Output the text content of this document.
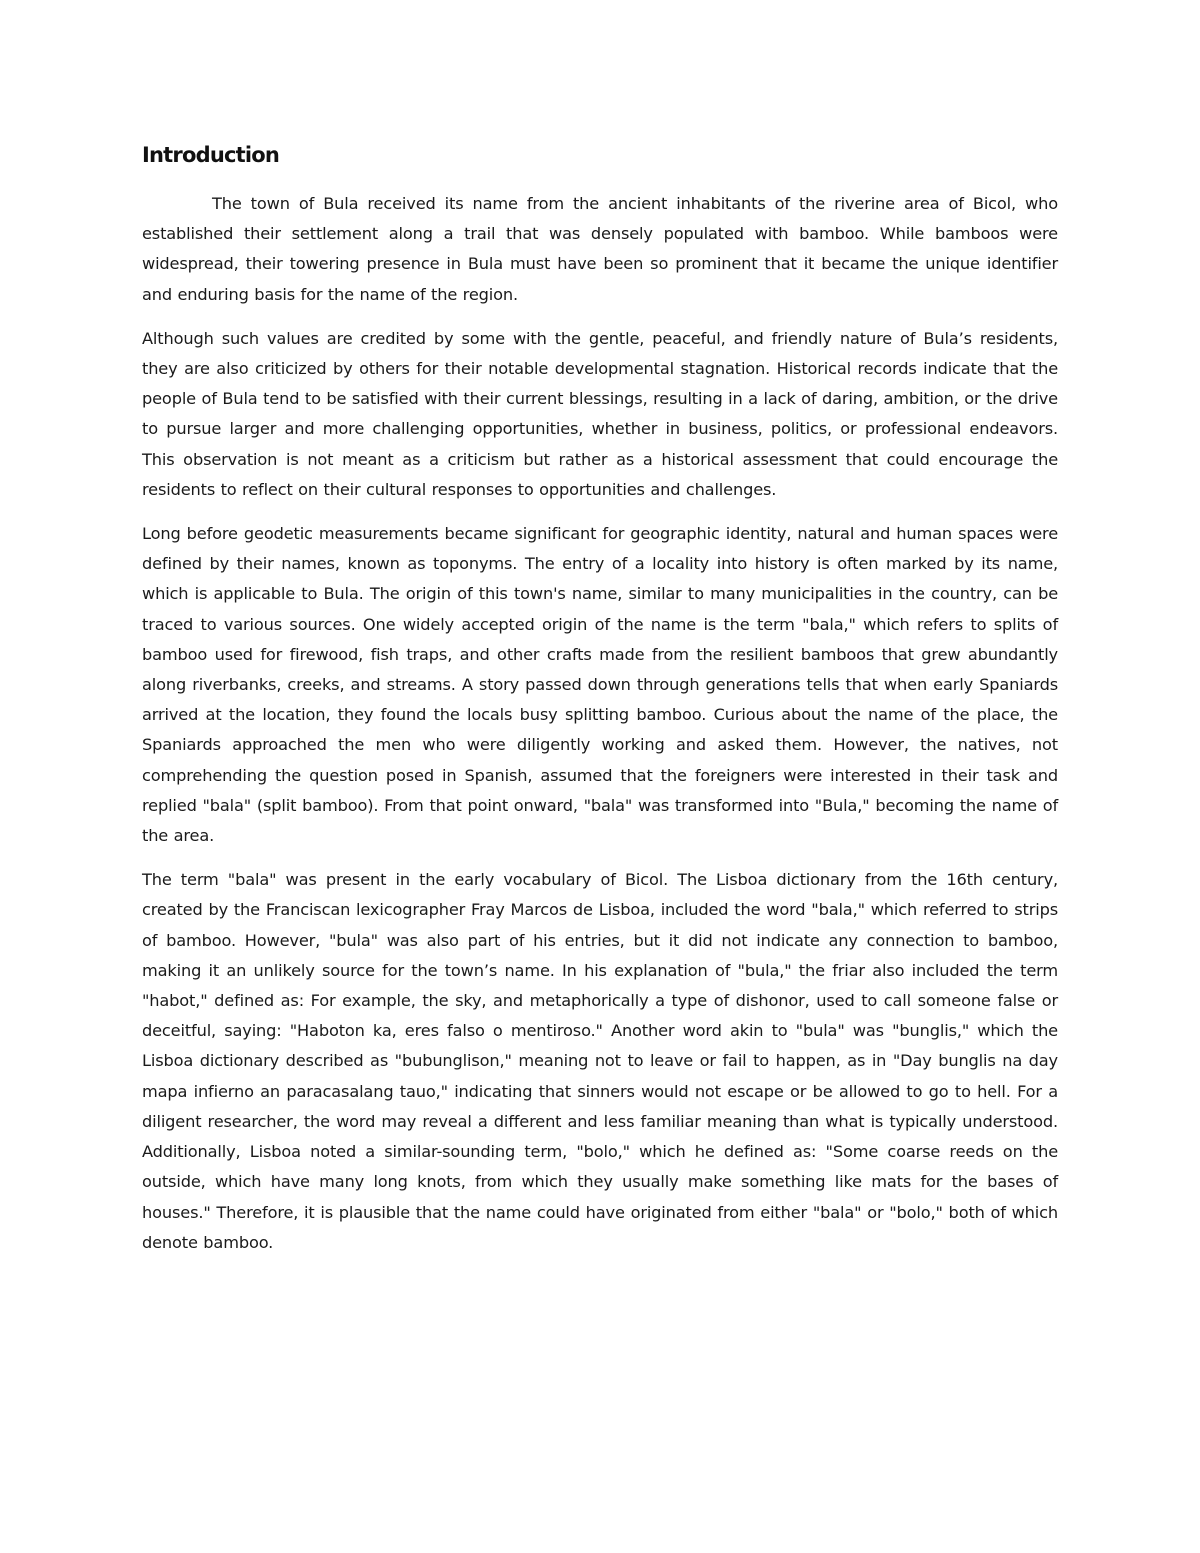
Introduction

The town of Bula received its name from the ancient inhabitants of the riverine area of Bicol, who established their settlement along a trail that was densely populated with bamboo. While bamboos were widespread, their towering presence in Bula must have been so prominent that it became the unique identifier and enduring basis for the name of the region.

Although such values are credited by some with the gentle, peaceful, and friendly nature of Bula’s residents, they are also criticized by others for their notable developmental stagnation. Historical records indicate that the people of Bula tend to be satisfied with their current blessings, resulting in a lack of daring, ambition, or the drive to pursue larger and more challenging opportunities, whether in business, politics, or professional endeavors. This observation is not meant as a criticism but rather as a historical assessment that could encourage the residents to reflect on their cultural responses to opportunities and challenges.

Long before geodetic measurements became significant for geographic identity, natural and human spaces were defined by their names, known as toponyms. The entry of a locality into history is often marked by its name, which is applicable to Bula. The origin of this town's name, similar to many municipalities in the country, can be traced to various sources. One widely accepted origin of the name is the term "bala," which refers to splits of bamboo used for firewood, fish traps, and other crafts made from the resilient bamboos that grew abundantly along riverbanks, creeks, and streams. A story passed down through generations tells that when early Spaniards arrived at the location, they found the locals busy splitting bamboo. Curious about the name of the place, the Spaniards approached the men who were diligently working and asked them. However, the natives, not comprehending the question posed in Spanish, assumed that the foreigners were interested in their task and replied "bala" (split bamboo). From that point onward, "bala" was transformed into "Bula," becoming the name of the area.

The term "bala" was present in the early vocabulary of Bicol. The Lisboa dictionary from the 16th century, created by the Franciscan lexicographer Fray Marcos de Lisboa, included the word "bala," which referred to strips of bamboo. However, "bula" was also part of his entries, but it did not indicate any connection to bamboo, making it an unlikely source for the town’s name. In his explanation of "bula," the friar also included the term "habot," defined as: For example, the sky, and metaphorically a type of dishonor, used to call someone false or deceitful, saying: "Haboton ka, eres falso o mentiroso." Another word akin to "bula" was "bunglis," which the Lisboa dictionary described as "bubunglison," meaning not to leave or fail to happen, as in "Day bunglis na day mapa infierno an paracasalang tauo," indicating that sinners would not escape or be allowed to go to hell. For a diligent researcher, the word may reveal a different and less familiar meaning than what is typically understood. Additionally, Lisboa noted a similar-sounding term, "bolo," which he defined as: "Some coarse reeds on the outside, which have many long knots, from which they usually make something like mats for the bases of houses." Therefore, it is plausible that the name could have originated from either "bala" or "bolo," both of which denote bamboo.
